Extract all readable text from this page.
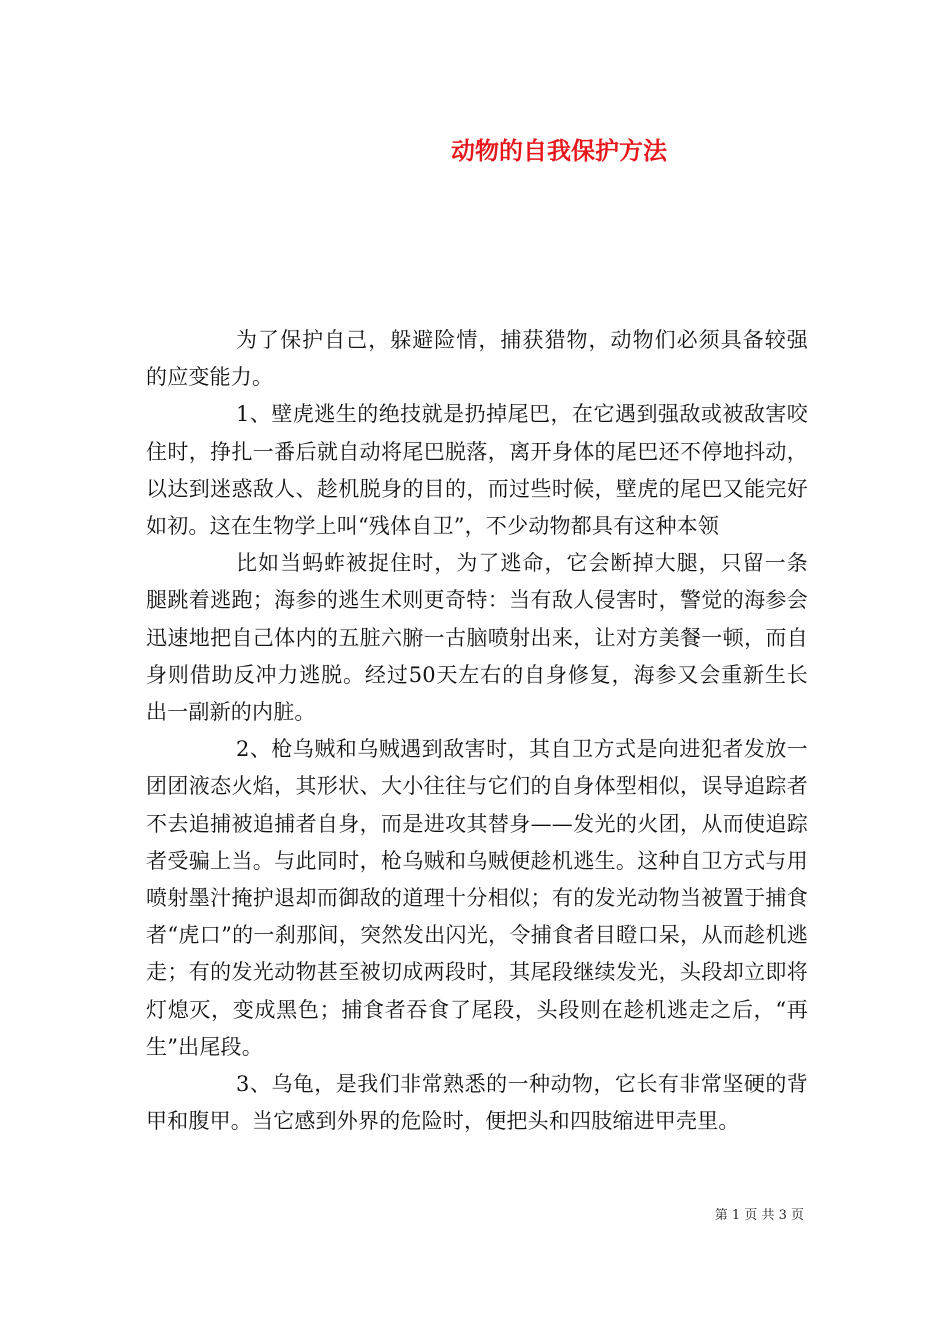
动物的自我保护方法

为了保护自己，躲避险情，捕获猎物，动物们必须具备较强的应变能力。

1、壁虎逃生的绝技就是扔掉尾巴，在它遇到强敌或被敌害咬住时，挣扎一番后就自动将尾巴脱落，离开身体的尾巴还不停地抖动，以达到迷惑敌人、趁机脱身的目的，而过些时候，壁虎的尾巴又能完好如初。这在生物学上叫“残体自卫”，不少动物都具有这种本领

比如当蚂蚱被捉住时，为了逃命，它会断掉大腿，只留一条腿跳着逃跑；海参的逃生术则更奇特：当有敌人侵害时，警觉的海参会迅速地把自己体内的五脏六腑一古脑喷射出来，让对方美餐一顿，而自身则借助反冲力逃脱。经过50天左右的自身修复，海参又会重新生长出一副新的内脏。

2、枪乌贼和乌贼遇到敌害时，其自卫方式是向进犯者发放一团团液态火焰，其形状、大小往往与它们的自身体型相似，误导追踪者不去追捕被追捕者自身，而是进攻其替身——发光的火团，从而使追踪者受骗上当。与此同时，枪乌贼和乌贼便趁机逃生。这种自卫方式与用喷射墨汁掩护退却而御敌的道理十分相似；有的发光动物当被置于捕食者“虎口”的一刹那间，突然发出闪光，令捕食者目瞪口呆，从而趁机逃走；有的发光动物甚至被切成两段时，其尾段继续发光，头段却立即将灯熄灭，变成黑色；捕食者吞食了尾段，头段则在趁机逃走之后，“再生”出尾段。

3、乌龟，是我们非常熟悉的一种动物，它长有非常坚硬的背甲和腹甲。当它感到外界的危险时，便把头和四肢缩进甲壳里。

第 1 页 共 3 页
